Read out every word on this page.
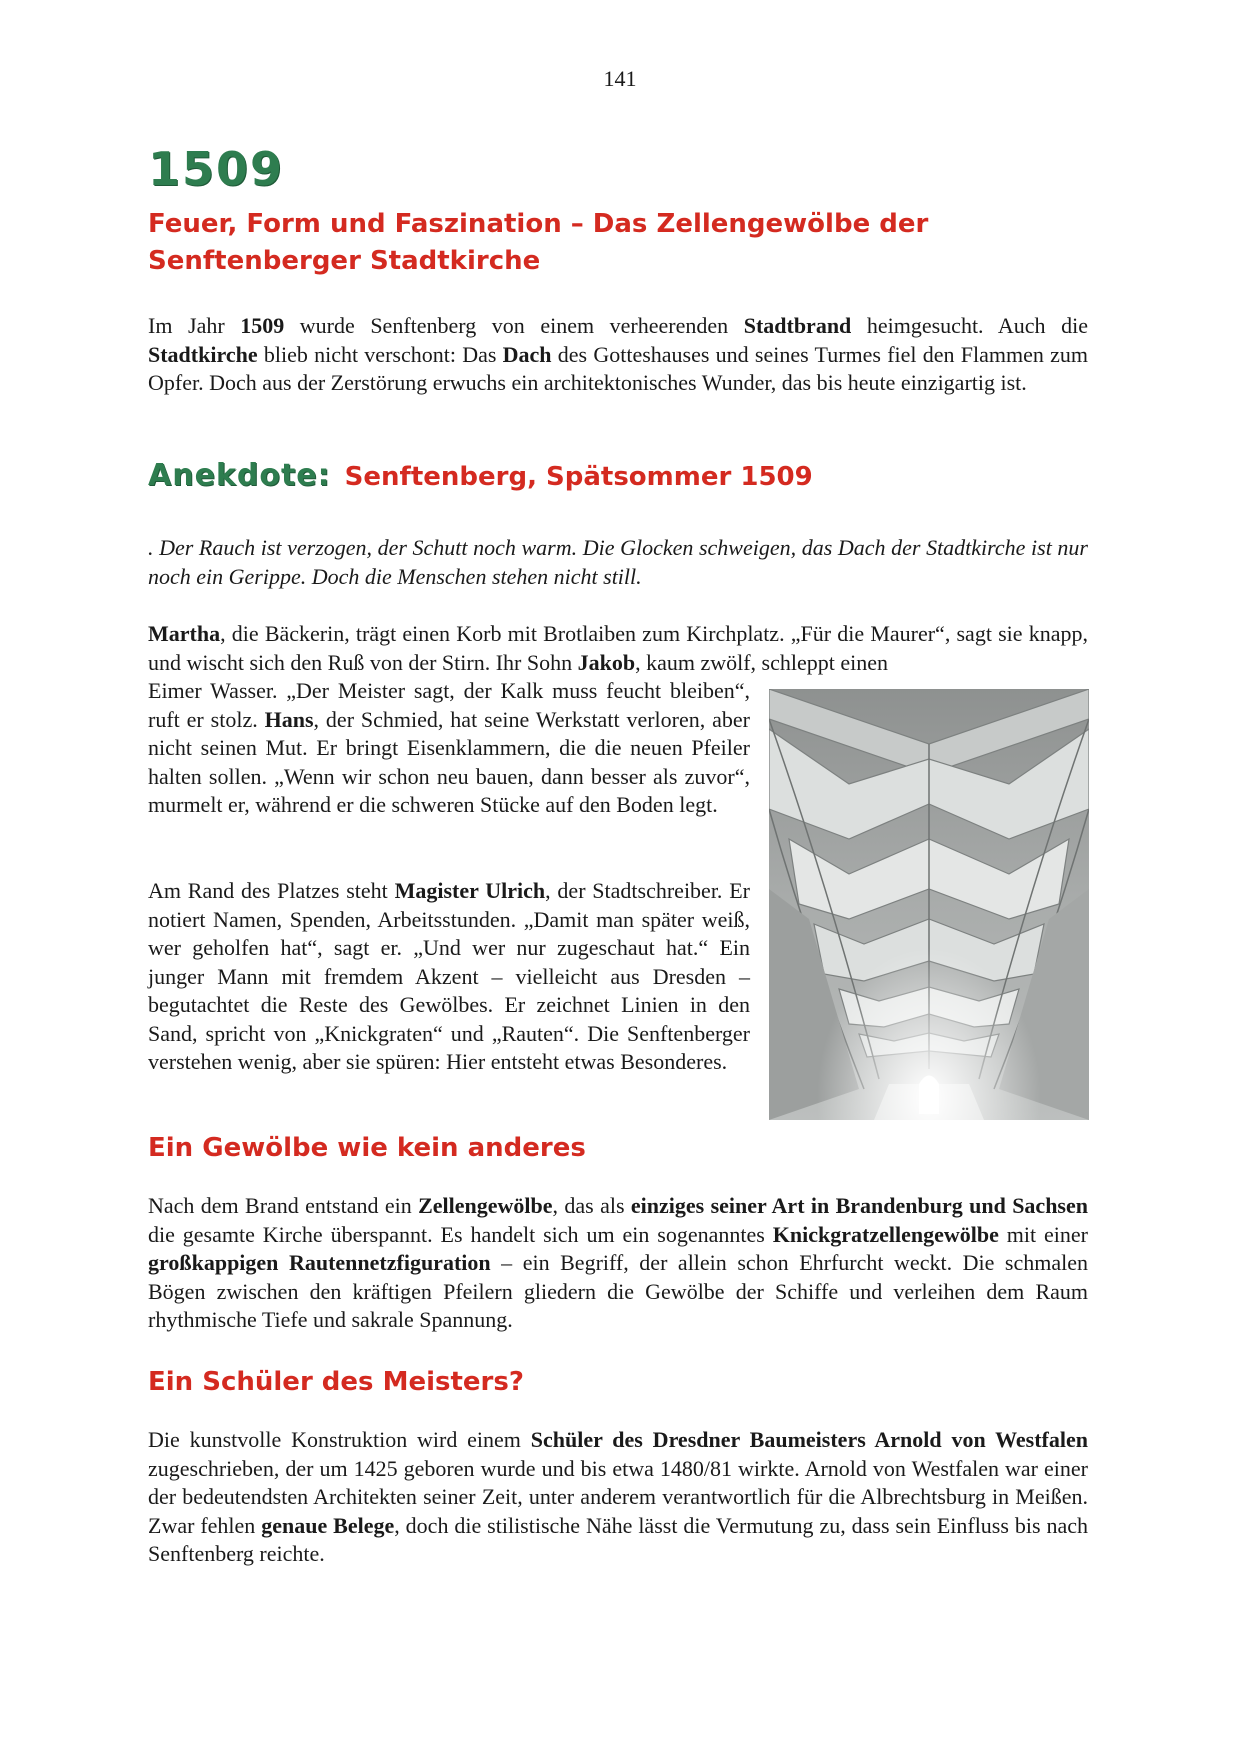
141
1509
Feuer, Form und Faszination – Das Zellengewölbe der Senftenberger Stadtkirche

Im Jahr 1509 wurde Senftenberg von einem verheerenden Stadtbrand heimgesucht. Auch die Stadtkirche blieb nicht verschont: Das Dach des Gotteshauses und seines Turmes fiel den Flammen zum Opfer. Doch aus der Zerstörung erwuchs ein architektonisches Wunder, das bis heute einzigartig ist.

Anekdote: Senftenberg, Spätsommer 1509

. Der Rauch ist verzogen, der Schutt noch warm. Die Glocken schweigen, das Dach der Stadtkirche ist nur noch ein Gerippe. Doch die Menschen stehen nicht still.

Martha, die Bäckerin, trägt einen Korb mit Brotlaiben zum Kirchplatz. „Für die Maurer“, sagt sie knapp, und wischt sich den Ruß von der Stirn. Ihr Sohn Jakob, kaum zwölf, schleppt einen

Eimer Wasser. „Der Meister sagt, der Kalk muss feucht bleiben“, ruft er stolz. Hans, der Schmied, hat seine Werkstatt verloren, aber nicht seinen Mut. Er bringt Eisenklammern, die die neuen Pfeiler halten sollen. „Wenn wir schon neu bauen, dann besser als zuvor“, murmelt er, während er die schweren Stücke auf den Boden legt.

Am Rand des Platzes steht Magister Ulrich, der Stadtschreiber. Er notiert Namen, Spenden, Arbeitsstunden. „Damit man später weiß, wer geholfen hat“, sagt er. „Und wer nur zugeschaut hat.“ Ein junger Mann mit fremdem Akzent – vielleicht aus Dresden – begutachtet die Reste des Gewölbes. Er zeichnet Linien in den Sand, spricht von „Knickgraten“ und „Rauten“. Die Senftenberger verstehen wenig, aber sie spüren: Hier entsteht etwas Besonderes.

Ein Gewölbe wie kein anderes

Nach dem Brand entstand ein Zellengewölbe, das als einziges seiner Art in Brandenburg und Sachsen die gesamte Kirche überspannt. Es handelt sich um ein sogenanntes Knickgratzellengewölbe mit einer großkappigen Rautennetzfiguration – ein Begriff, der allein schon Ehrfurcht weckt. Die schmalen Bögen zwischen den kräftigen Pfeilern gliedern die Gewölbe der Schiffe und verleihen dem Raum rhythmische Tiefe und sakrale Spannung.

Ein Schüler des Meisters?

Die kunstvolle Konstruktion wird einem Schüler des Dresdner Baumeisters Arnold von Westfalen zugeschrieben, der um 1425 geboren wurde und bis etwa 1480/81 wirkte. Arnold von Westfalen war einer der bedeutendsten Architekten seiner Zeit, unter anderem verantwortlich für die Albrechtsburg in Meißen. Zwar fehlen genaue Belege, doch die stilistische Nähe lässt die Vermutung zu, dass sein Einfluss bis nach Senftenberg reichte.
